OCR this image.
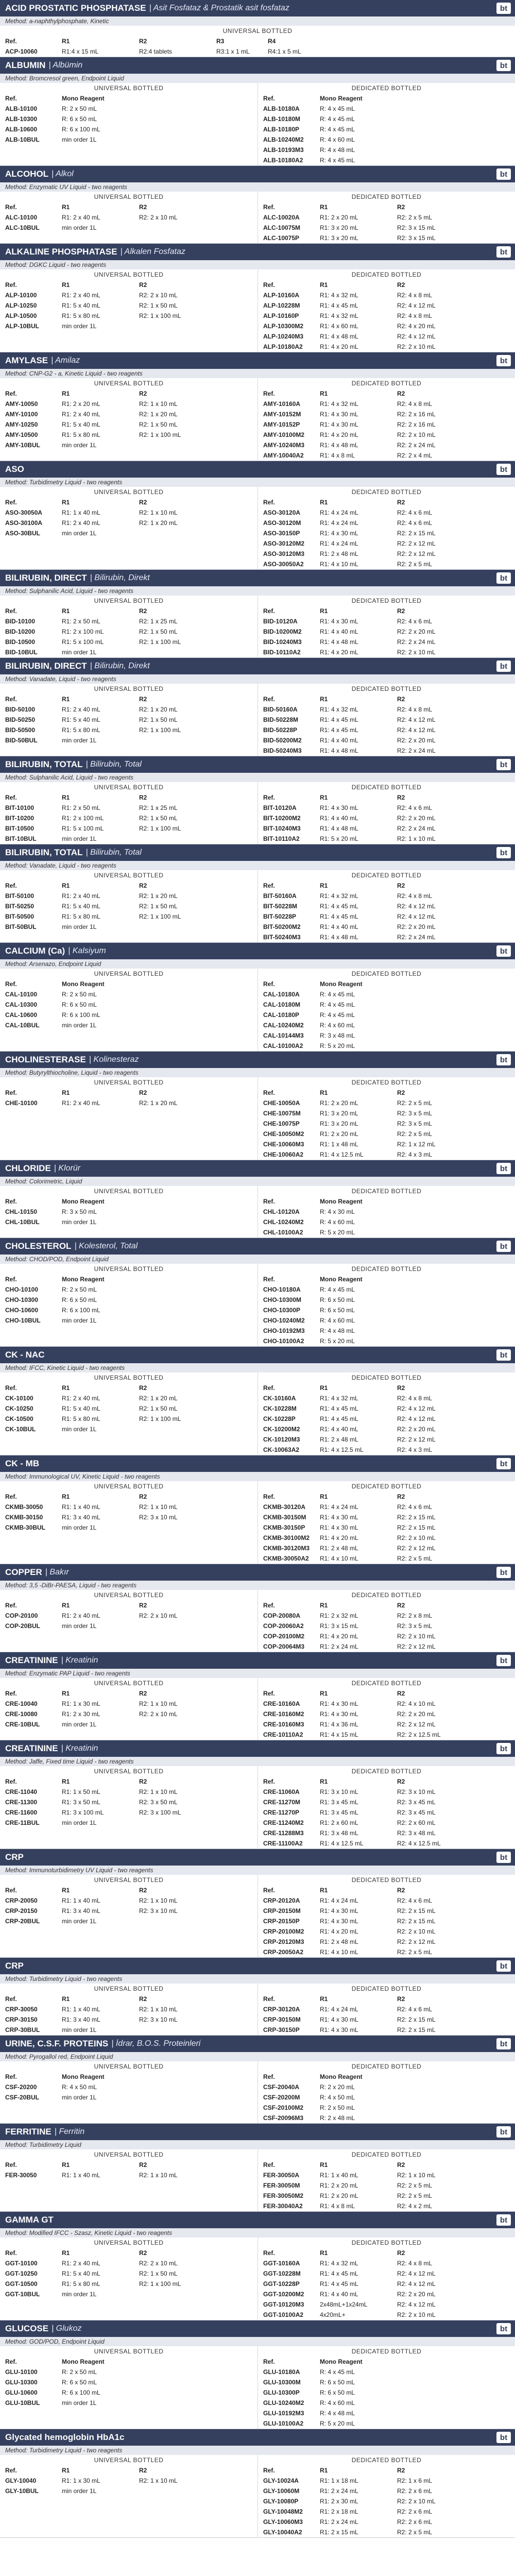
ACID PROSTATIC PHOSPHATASE | Asit Fosfataz & Prostatik asit fosfataz	bt
Method: a-naphthylphosphate, Kinetic
UNIVERSAL BOTTLED
Ref.	R1	R2	R3	R4
ACP-10060	R1:4 x 15 mL	R2:4 tablets	R3:1 x 1 mL	R4:1 x 5 mL
ALBUMIN | Albümin	bt
Method: Bromcresol green, Endpoint Liquid
UNIVERSAL BOTTLED
Ref.	Mono Reagent
ALB-10100	R: 2 x 50 mL
ALB-10300	R: 6 x 50 mL
ALB-10600	R: 6 x 100 mL
ALB-10BUL	min order 1L
DEDICATED BOTTLED
Ref.	Mono Reagent
ALB-10180A	R: 4 x 45 mL
ALB-10180M	R: 4 x 45 mL
ALB-10180P	R: 4 x 45 mL
ALB-10240M2	R: 4 x 60 mL
ALB-10193M3	R: 4 x 48 mL
ALB-10180A2	R: 4 x 45 mL
ALCOHOL | Alkol	bt
Method: Enzymatic UV Liquid - two reagents
UNIVERSAL BOTTLED
Ref.	R1	R2
ALC-10100	R1: 2 x 40 mL	R2: 2 x 10 mL
ALC-10BUL	min order 1L
DEDICATED BOTTLED
Ref.	R1	R2
ALC-10020A	R1: 2 x 20 mL	R2: 2 x 5 mL
ALC-10075M	R1: 3 x 20 mL	R2: 3 x 15 mL
ALC-10075P	R1: 3 x 20 mL	R2: 3 x 15 mL
ALKALINE PHOSPHATASE | Alkalen Fosfataz	bt
Method: DGKC Liquid - two reagents
UNIVERSAL BOTTLED
Ref.	R1	R2
ALP-10100	R1: 2 x 40 mL	R2: 2 x 10 mL
ALP-10250	R1: 5 x 40 mL	R2: 1 x 50 mL
ALP-10500	R1: 5 x 80 mL	R2: 1 x 100 mL
ALP-10BUL	min order 1L
DEDICATED BOTTLED
Ref.	R1	R2
ALP-10160A	R1: 4 x 32 mL	R2: 4 x 8 mL
ALP-10228M	R1: 4 x 45 mL	R2: 4 x 12 mL
ALP-10160P	R1: 4 x 32 mL	R2: 4 x 8 mL
ALP-10300M2	R1: 4 x 60 mL	R2: 4 x 20 mL
ALP-10240M3	R1: 4 x 48 mL	R2: 4 x 12 mL
ALP-10180A2	R1: 4 x 20 mL	R2: 2 x 10 mL
AMYLASE | Amilaz	bt
Method: CNP-G2 - a, Kinetic Liquid - two reagents
UNIVERSAL BOTTLED
Ref.	R1	R2
AMY-10050	R1: 2 x 20 mL	R2: 1 x 10 mL
AMY-10100	R1: 2 x 40 mL	R2: 1 x 20 mL
AMY-10250	R1: 5 x 40 mL	R2: 1 x 50 mL
AMY-10500	R1: 5 x 80 mL	R2: 1 x 100 mL
AMY-10BUL	min order 1L
DEDICATED BOTTLED
Ref.	R1	R2
AMY-10160A	R1: 4 x 32 mL	R2: 4 x 8 mL
AMY-10152M	R1: 4 x 30 mL	R2: 2 x 16 mL
AMY-10152P	R1: 4 x 30 mL	R2: 2 x 16 mL
AMY-10100M2	R1: 4 x 20 mL	R2: 2 x 10 mL
AMY-10240M3	R1: 4 x 48 mL	R2: 2 x 24 mL
AMY-10040A2	R1: 4 x 8 mL	R2: 2 x 4 mL
ASO	bt
Method: Turbidimetry Liquid - two reagents
UNIVERSAL BOTTLED
Ref.	R1	R2
ASO-30050A	R1: 1 x 40 mL	R2: 1 x 10 mL
ASO-30100A	R1: 2 x 40 mL	R2: 1 x 20 mL
ASO-30BUL	min order 1L
DEDICATED BOTTLED
Ref.	R1	R2
ASO-30120A	R1: 4 x 24 mL	R2: 4 x 6 mL
ASO-30120M	R1: 4 x 24 mL	R2: 4 x 6 mL
ASO-30150P	R1: 4 x 30 mL	R2: 2 x 15 mL
ASO-30120M2	R1: 4 x 24 mL	R2: 2 x 12 mL
ASO-30120M3	R1: 2 x 48 mL	R2: 2 x 12 mL
ASO-30050A2	R1: 4 x 10 mL	R2: 2 x 5 mL
BILIRUBIN, DIRECT | Bilirubin, Direkt	bt
Method: Sulphanilic Acid, Liquid - two reagents
UNIVERSAL BOTTLED
Ref.	R1	R2
BID-10100	R1: 2 x 50 mL	R2: 1 x 25 mL
BID-10200	R1: 2 x 100 mL	R2: 1 x 50 mL
BID-10500	R1: 5 x 100 mL	R2: 1 x 100 mL
BID-10BUL	min order 1L
DEDICATED BOTTLED
Ref.	R1	R2
BID-10120A	R1: 4 x 30 mL	R2: 4 x 6 mL
BID-10200M2	R1: 4 x 40 mL	R2: 2 x 20 mL
BID-10240M3	R1: 4 x 48 mL	R2: 2 x 24 mL
BID-10110A2	R1: 4 x 20 mL	R2: 2 x 10 mL
BILIRUBIN, DIRECT | Bilirubin, Direkt	bt
Method: Vanadate, Liquid - two reagents
UNIVERSAL BOTTLED
Ref.	R1	R2
BID-50100	R1: 2 x 40 mL	R2: 1 x 20 mL
BID-50250	R1: 5 x 40 mL	R2: 1 x 50 mL
BID-50500	R1: 5 x 80 mL	R2: 1 x 100 mL
BID-50BUL	min order 1L
DEDICATED BOTTLED
Ref.	R1	R2
BID-50160A	R1: 4 x 32 mL	R2: 4 x 8 mL
BID-50228M	R1: 4 x 45 mL	R2: 4 x 12 mL
BID-50228P	R1: 4 x 45 mL	R2: 4 x 12 mL
BID-50200M2	R1: 4 x 40 mL	R2: 2 x 20 mL
BID-50240M3	R1: 4 x 48 mL	R2: 2 x 24 mL
BILIRUBIN, TOTAL | Bilirubin, Total	bt
Method: Sulphanilic Acid, Liquid - two reagents
UNIVERSAL BOTTLED
Ref.	R1	R2
BIT-10100	R1: 2 x 50 mL	R2: 1 x 25 mL
BIT-10200	R1: 2 x 100 mL	R2: 1 x 50 mL
BIT-10500	R1: 5 x 100 mL	R2: 1 x 100 mL
BIT-10BUL	min order 1L
DEDICATED BOTTLED
Ref.	R1	R2
BIT-10120A	R1: 4 x 30 mL	R2: 4 x 6 mL
BIT-10200M2	R1: 4 x 40 mL	R2: 2 x 20 mL
BIT-10240M3	R1: 4 x 48 mL	R2: 2 x 24 mL
BIT-10110A2	R1: 5 x 20 mL	R2: 1 x 10 mL
BILIRUBIN, TOTAL | Bilirubin, Total	bt
Method: Vanadate, Liquid - two reagents
UNIVERSAL BOTTLED
Ref.	R1	R2
BIT-50100	R1: 2 x 40 mL	R2: 1 x 20 mL
BIT-50250	R1: 5 x 40 mL	R2: 1 x 50 mL
BIT-50500	R1: 5 x 80 mL	R2: 1 x 100 mL
BIT-50BUL	min order 1L
DEDICATED BOTTLED
Ref.	R1	R2
BIT-50160A	R1: 4 x 32 mL	R2: 4 x 8 mL
BIT-50228M	R1: 4 x 45 mL	R2: 4 x 12 mL
BIT-50228P	R1: 4 x 45 mL	R2: 4 x 12 mL
BIT-50200M2	R1: 4 x 40 mL	R2: 2 x 20 mL
BIT-50240M3	R1: 4 x 48 mL	R2: 2 x 24 mL
CALCIUM (Ca) | Kalsiyum	bt
Method: Arsenazo, Endpoint Liquid
UNIVERSAL BOTTLED
Ref.	Mono Reagent
CAL-10100	R: 2 x 50 mL
CAL-10300	R: 6 x 50 mL
CAL-10600	R: 6 x 100 mL
CAL-10BUL	min order 1L
DEDICATED BOTTLED
Ref.	Mono Reagent
CAL-10180A	R: 4 x 45 mL
CAL-10180M	R: 4 x 45 mL
CAL-10180P	R: 4 x 45 mL
CAL-10240M2	R: 4 x 60 mL
CAL-10144M3	R: 3 x 48 mL
CAL-10100A2	R: 5 x 20 mL
CHOLINESTERASE | Kolinesteraz	bt
Method: Butyrylthiocholine, Liquid - two reagents
UNIVERSAL BOTTLED
Ref.	R1	R2
CHE-10100	R1: 2 x 40 mL	R2: 1 x 20 mL
DEDICATED BOTTLED
Ref.	R1	R2
CHE-10050A	R1: 2 x 20 mL	R2: 2 x 5 mL
CHE-10075M	R1: 3 x 20 mL	R2: 3 x 5 mL
CHE-10075P	R1: 3 x 20 mL	R2: 3 x 5 mL
CHE-10050M2	R1: 2 x 20 mL	R2: 2 x 5 mL
CHE-10060M3	R1: 1 x 48 mL	R2: 1 x 12 mL
CHE-10060A2	R1: 4 x 12.5 mL	R2: 4 x 3 mL
CHLORIDE | Klorür	bt
Method: Colorimetric, Liquid
UNIVERSAL BOTTLED
Ref.	Mono Reagent
CHL-10150	R: 3 x 50 mL
CHL-10BUL	min order 1L
DEDICATED BOTTLED
Ref.	Mono Reagent
CHL-10120A	R: 4 x 30 mL
CHL-10240M2	R: 4 x 60 mL
CHL-10100A2	R: 5 x 20 mL
CHOLESTEROL | Kolesterol, Total	bt
Method: CHOD/POD, Endpoint Liquid
UNIVERSAL BOTTLED
Ref.	Mono Reagent
CHO-10100	R: 2 x 50 mL
CHO-10300	R: 6 x 50 mL
CHO-10600	R: 6 x 100 mL
CHO-10BUL	min order 1L
DEDICATED BOTTLED
Ref.	Mono Reagent
CHO-10180A	R: 4 x 45 mL
CHO-10300M	R: 6 x 50 mL
CHO-10300P	R: 6 x 50 mL
CHO-10240M2	R: 4 x 60 mL
CHO-10192M3	R: 4 x 48 mL
CHO-10100A2	R: 5 x 20 mL
CK - NAC	bt
Method: IFCC, Kinetic Liquid - two reagents
UNIVERSAL BOTTLED
Ref.	R1	R2
CK-10100	R1: 2 x 40 mL	R2: 1 x 20 mL
CK-10250	R1: 5 x 40 mL	R2: 1 x 50 mL
CK-10500	R1: 5 x 80 mL	R2: 1 x 100 mL
CK-10BUL	min order 1L
DEDICATED BOTTLED
Ref.	R1	R2
CK-10160A	R1: 4 x 32 mL	R2: 4 x 8 mL
CK-10228M	R1: 4 x 45 mL	R2: 4 x 12 mL
CK-10228P	R1: 4 x 45 mL	R2: 4 x 12 mL
CK-10200M2	R1: 4 x 40 mL	R2: 2 x 20 mL
CK-10120M3	R1: 2 x 48 mL	R2: 2 x 12 mL
CK-10063A2	R1: 4 x 12.5 mL	R2: 4 x 3 mL
CK - MB	bt
Method: Immunological UV, Kinetic Liquid - two reagents
UNIVERSAL BOTTLED
Ref.	R1	R2
CKMB-30050	R1: 1 x 40 mL	R2: 1 x 10 mL
CKMB-30150	R1: 3 x 40 mL	R2: 3 x 10 mL
CKMB-30BUL	min order 1L
DEDICATED BOTTLED
Ref.	R1	R2
CKMB-30120A	R1: 4 x 24 mL	R2: 4 x 6 mL
CKMB-30150M	R1: 4 x 30 mL	R2: 2 x 15 mL
CKMB-30150P	R1: 4 x 30 mL	R2: 2 x 15 mL
CKMB-30100M2	R1: 4 x 20 mL	R2: 2 x 10 mL
CKMB-30120M3	R1: 2 x 48 mL	R2: 2 x 12 mL
CKMB-30050A2	R1: 4 x 10 mL	R2: 2 x 5 mL
COPPER | Bakır	bt
Method: 3,5 -DiBr-PAESA, Liquid - two reagents
UNIVERSAL BOTTLED
Ref.	R1	R2
COP-20100	R1: 2 x 40 mL	R2: 2 x 10 mL
COP-20BUL	min order 1L
DEDICATED BOTTLED
Ref.	R1	R2
COP-20080A	R1: 2 x 32 mL	R2: 2 x 8 mL
COP-20060A2	R1: 3 x 15 mL	R2: 3 x 5 mL
COP-20100M2	R1: 4 x 20 mL	R2: 2 x 10 mL
COP-20064M3	R1: 2 x 24 mL	R2: 2 x 12 mL
CREATININE | Kreatinin	bt
Method: Enzymatic PAP Liquid - two reagents
UNIVERSAL BOTTLED
Ref.	R1	R2
CRE-10040	R1: 1 x 30 mL	R2: 1 x 10 mL
CRE-10080	R1: 2 x 30 mL	R2: 2 x 10 mL
CRE-10BUL	min order 1L
DEDICATED BOTTLED
Ref.	R1	R2
CRE-10160A	R1: 4 x 30 mL	R2: 4 x 10 mL
CRE-10160M2	R1: 4 x 30 mL	R2: 2 x 20 mL
CRE-10160M3	R1: 4 x 36 mL	R2: 2 x 12 mL
CRE-10110A2	R1: 4 x 15 mL	R2: 2 x 12.5 mL
CREATININE | Kreatinin	bt
Method: Jaffe, Fixed time Liquid - two reagents
UNIVERSAL BOTTLED
Ref.	R1	R2
CRE-11040	R1: 1 x 50 mL	R2: 1 x 10 mL
CRE-11300	R1: 3 x 50 mL	R2: 3 x 50 mL
CRE-11600	R1: 3 x 100 mL	R2: 3 x 100 mL
CRE-11BUL	min order 1L
DEDICATED BOTTLED
Ref.	R1	R2
CRE-11060A	R1: 3 x 10 mL	R2: 3 x 10 mL
CRE-11270M	R1: 3 x 45 mL	R2: 3 x 45 mL
CRE-11270P	R1: 3 x 45 mL	R2: 3 x 45 mL
CRE-11240M2	R1: 2 x 60 mL	R2: 2 x 60 mL
CRE-11288M3	R1: 3 x 48 mL	R2: 3 x 48 mL
CRE-11100A2	R1: 4 x 12.5 mL	R2: 4 x 12.5 mL
CRP	bt
Method: Immunoturbidimetry UV Liquid - two reagents
UNIVERSAL BOTTLED
Ref.	R1	R2
CRP-20050	R1: 1 x 40 mL	R2: 1 x 10 mL
CRP-20150	R1: 3 x 40 mL	R2: 3 x 10 mL
CRP-20BUL	min order 1L
DEDICATED BOTTLED
Ref.	R1	R2
CRP-20120A	R1: 4 x 24 mL	R2: 4 x 6 mL
CRP-20150M	R1: 4 x 30 mL	R2: 2 x 15 mL
CRP-20150P	R1: 4 x 30 mL	R2: 2 x 15 mL
CRP-20100M2	R1: 4 x 20 mL	R2: 2 x 10 mL
CRP-20120M3	R1: 2 x 48 mL	R2: 2 x 12 mL
CRP-20050A2	R1: 4 x 10 mL	R2: 2 x 5 mL
CRP	bt
Method: Turbidimetry Liquid - two reagents
UNIVERSAL BOTTLED
Ref.	R1	R2
CRP-30050	R1: 1 x 40 mL	R2: 1 x 10 mL
CRP-30150	R1: 3 x 40 mL	R2: 3 x 10 mL
CRP-30BUL	min order 1L
DEDICATED BOTTLED
Ref.	R1	R2
CRP-30120A	R1: 4 x 24 mL	R2: 4 x 6 mL
CRP-30150M	R1: 4 x 30 mL	R2: 2 x 15 mL
CRP-30150P	R1: 4 x 30 mL	R2: 2 x 15 mL
URINE, C.S.F. PROTEINS | İdrar, B.O.S. Proteinleri	bt
Method: Pyrogallol red, Endpoint Liquid
UNIVERSAL BOTTLED
Ref.	Mono Reagent
CSF-20200	R: 4 x 50 mL
CSF-20BUL	min order 1L
DEDICATED BOTTLED
Ref.	Mono Reagent
CSF-20040A	R: 2 x 20 mL
CSF-20200M	R: 4 x 50 mL
CSF-20100M2	R: 2 x 50 mL
CSF-20096M3	R: 2 x 48 mL
FERRITINE | Ferritin	bt
Method: Turbidimetry Liquid
UNIVERSAL BOTTLED
Ref.	R1	R2
FER-30050	R1: 1 x 40 mL	R2: 1 x 10 mL
DEDICATED BOTTLED
Ref.	R1	R2
FER-30050A	R1: 1 x 40 mL	R2: 1 x 10 mL
FER-30050M	R1: 2 x 20 mL	R2: 2 x 5 mL
FER-30050M2	R1: 2 x 20 mL	R2: 2 x 5 mL
FER-30040A2	R1: 4 x 8 mL	R2: 4 x 2 mL
GAMMA GT	bt
Method: Modified IFCC - Szasz, Kinetic Liquid - two reagents
UNIVERSAL BOTTLED
Ref.	R1	R2
GGT-10100	R1: 2 x 40 mL	R2: 2 x 10 mL
GGT-10250	R1: 5 x 40 mL	R2: 1 x 50 mL
GGT-10500	R1: 5 x 80 mL	R2: 1 x 100 mL
GGT-10BUL	min order 1L
DEDICATED BOTTLED
Ref.	R1	R2
GGT-10160A	R1: 4 x 32 mL	R2: 4 x 8 mL
GGT-10228M	R1: 4 x 45 mL	R2: 4 x 12 mL
GGT-10228P	R1: 4 x 45 mL	R2: 4 x 12 mL
GGT-10200M2	R1: 4 x 40 mL	R2: 2 x 20 mL
GGT-10120M3	2x48mL+1x24mL	R2: 4 x 12 mL
GGT-10100A2	4x20mL+	R2: 2 x 10 mL
GLUCOSE | Glukoz	bt
Method: GOD/POD, Endpoint Liquid
UNIVERSAL BOTTLED
Ref.	Mono Reagent
GLU-10100	R: 2 x 50 mL
GLU-10300	R: 6 x 50 mL
GLU-10600	R: 6 x 100 mL
GLU-10BUL	min order 1L
DEDICATED BOTTLED
Ref.	Mono Reagent
GLU-10180A	R: 4 x 45 mL
GLU-10300M	R: 6 x 50 mL
GLU-10300P	R: 6 x 50 mL
GLU-10240M2	R: 4 x 60 mL
GLU-10192M3	R: 4 x 48 mL
GLU-10100A2	R: 5 x 20 mL
Glycated hemoglobin HbA1c	bt
Method: Turbidimetry Liquid - two reagents
UNIVERSAL BOTTLED
Ref.	R1	R2
GLY-10040	R1: 1 x 30 mL	R2: 1 x 10 mL
GLY-10BUL	min order 1L
DEDICATED BOTTLED
Ref.	R1	R2
GLY-10024A	R1: 1 x 18 mL	R2: 1 x 6 mL
GLY-10060M	R1: 2 x 24 mL	R2: 2 x 6 mL
GLY-10080P	R1: 2 x 30 mL	R2: 2 x 10 mL
GLY-10048M2	R1: 2 x 18 mL	R2: 2 x 6 mL
GLY-10060M3	R1: 2 x 24 mL	R2: 2 x 6 mL
GLY-10040A2	R1: 2 x 15 mL	R2: 2 x 5 mL
